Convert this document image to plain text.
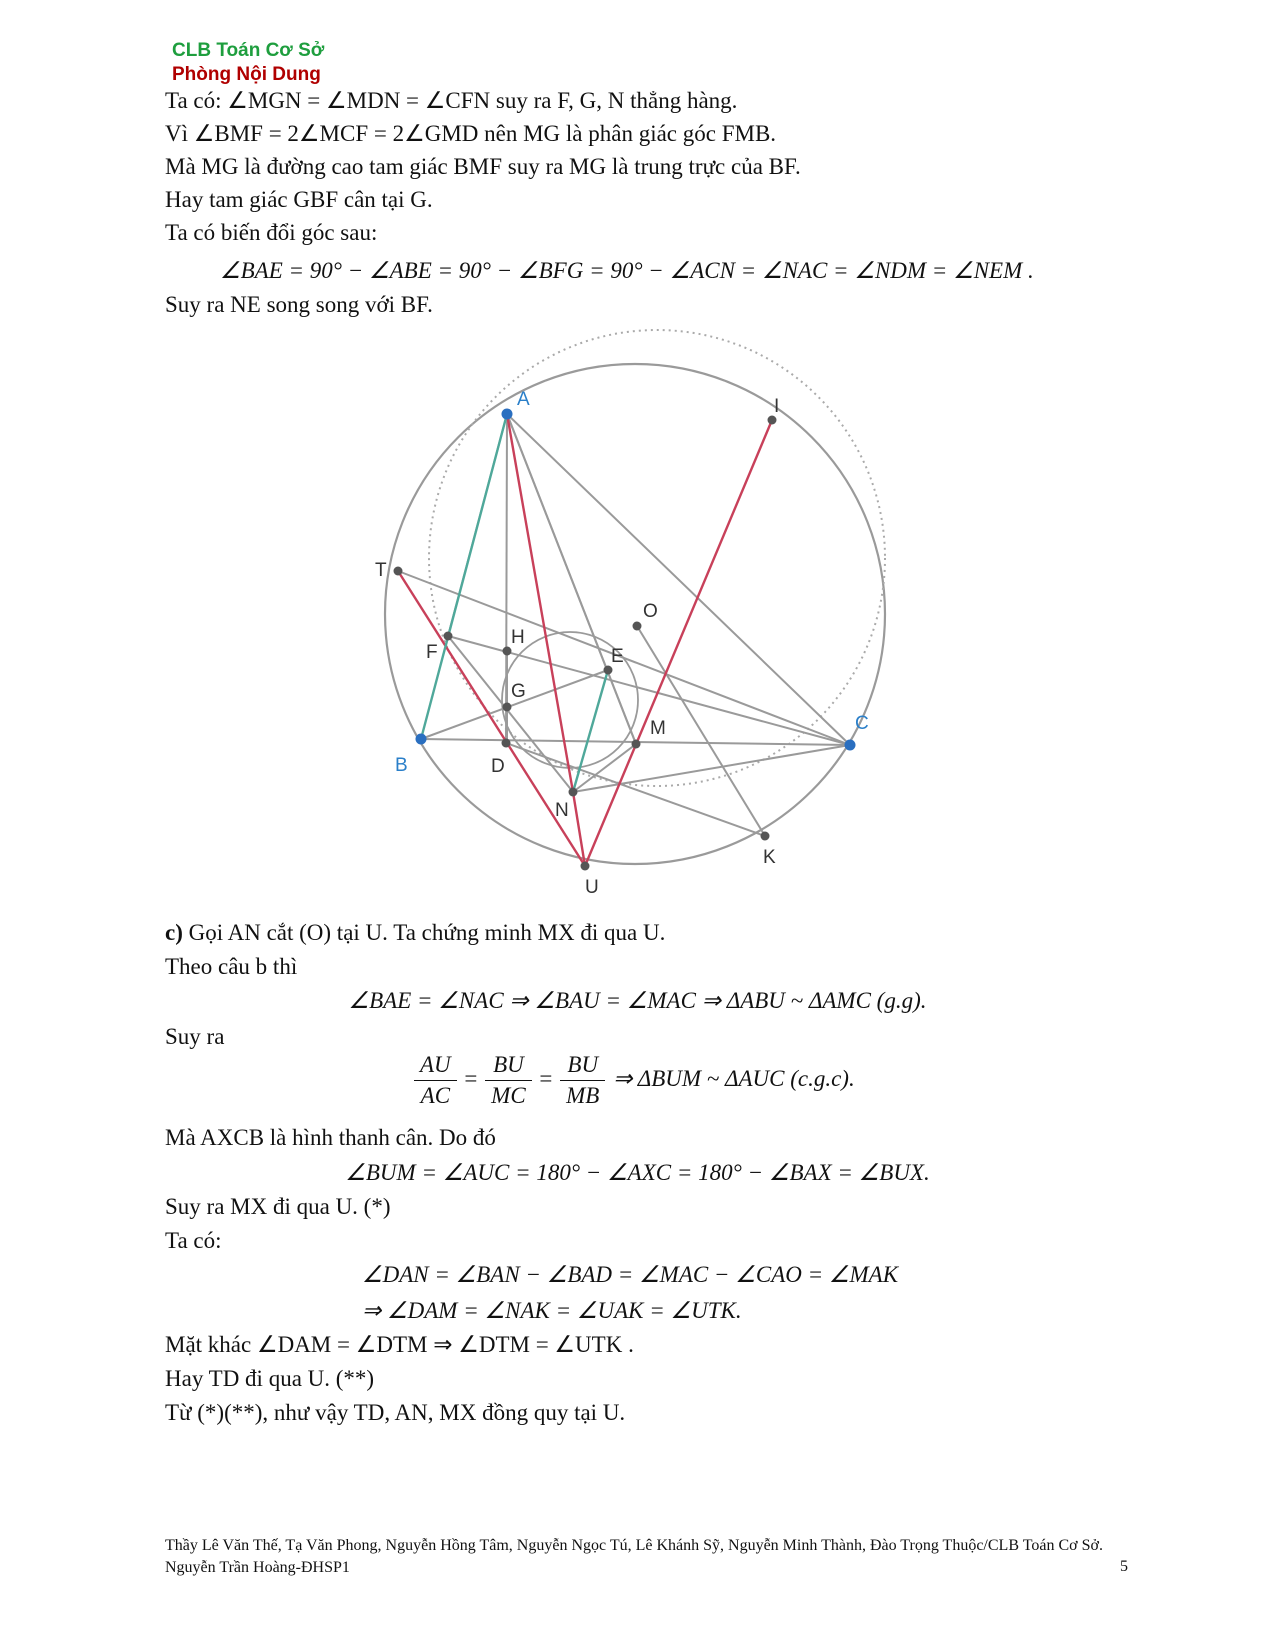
CLB Toán Cơ Sở
Phòng Nội Dung
Ta có: ∠MGN = ∠MDN = ∠CFN suy ra F, G, N thẳng hàng.
Vì ∠BMF = 2∠MCF = 2∠GMD nên MG là phân giác góc FMB.
Mà MG là đường cao tam giác BMF suy ra MG là trung trực của BF.
Hay tam giác GBF cân tại G.
Ta có biến đổi góc sau:
∠BAE = 90° − ∠ABE = 90° − ∠BFG = 90° − ∠ACN = ∠NAC = ∠NDM = ∠NEM .
Suy ra NE song song với BF.
A	I
T
O
H
F	E
G
M	C
B	D
N
K
U
c) Gọi AN cắt (O) tại U. Ta chứng minh MX đi qua U.
Theo câu b thì
∠BAE = ∠NAC ⇒ ∠BAU = ∠MAC ⇒ ΔABU ~ ΔAMC (g.g).
Suy ra
$\frac{AU}{AC} = \frac{BU}{MC} = \frac{BU}{MB}$ ⇒ ΔBUM ~ ΔAUC (c.g.c).
Mà AXCB là hình thanh cân. Do đó
∠BUM = ∠AUC = 180° − ∠AXC = 180° − ∠BAX = ∠BUX.
Suy ra MX đi qua U. (*)
Ta có:
∠DAN = ∠BAN − ∠BAD = ∠MAC − ∠CAO = ∠MAK
⇒ ∠DAM = ∠NAK = ∠UAK = ∠UTK.
Mặt khác ∠DAM = ∠DTM ⇒ ∠DTM = ∠UTK .
Hay TD đi qua U. (**)
Từ (*)(**), như vậy TD, AN, MX đồng quy tại U.
Thầy Lê Văn Thế, Tạ Văn Phong, Nguyễn Hồng Tâm, Nguyễn Ngọc Tú, Lê Khánh Sỹ, Nguyễn Minh Thành, Đào Trọng Thuộc/CLB Toán Cơ Sở. Nguyễn Trần Hoàng-ĐHSP1	5
